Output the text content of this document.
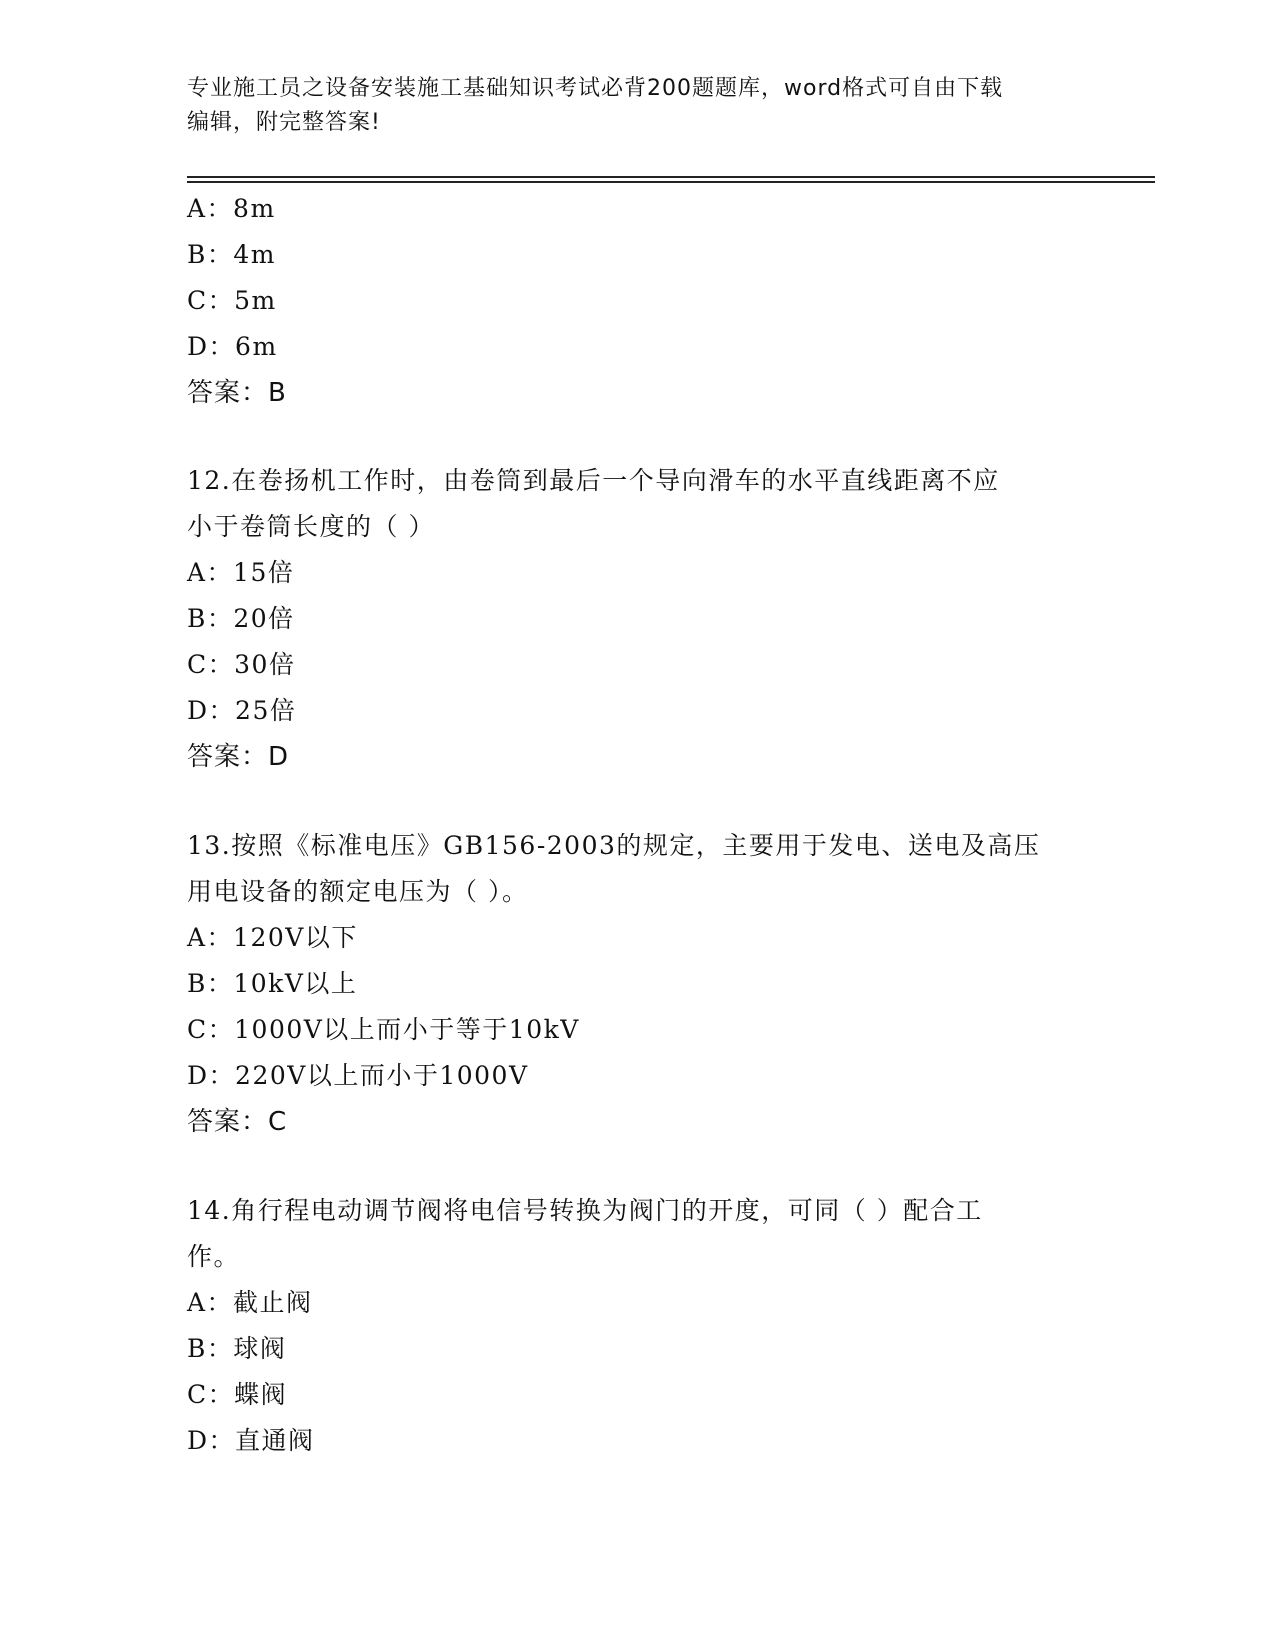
专业施工员之设备安装施工基础知识考试必背200题题库，word格式可自由下载
编辑，附完整答案!
A：8m
B：4m
C：5m
D：6m
答案：B
12.在卷扬机工作时，由卷筒到最后一个导向滑车的水平直线距离不应
小于卷筒长度的（ ）
A：15倍
B：20倍
C：30倍
D：25倍
答案：D
13.按照《标准电压》GB156-2003的规定，主要用于发电、送电及高压
用电设备的额定电压为（ ）。
A：120V以下
B：10kV以上
C：1000V以上而小于等于10kV
D：220V以上而小于1000V
答案：C
14.角行程电动调节阀将电信号转换为阀门的开度，可同（ ）配合工
作。
A：截止阀
B：球阀
C：蝶阀
D：直通阀
